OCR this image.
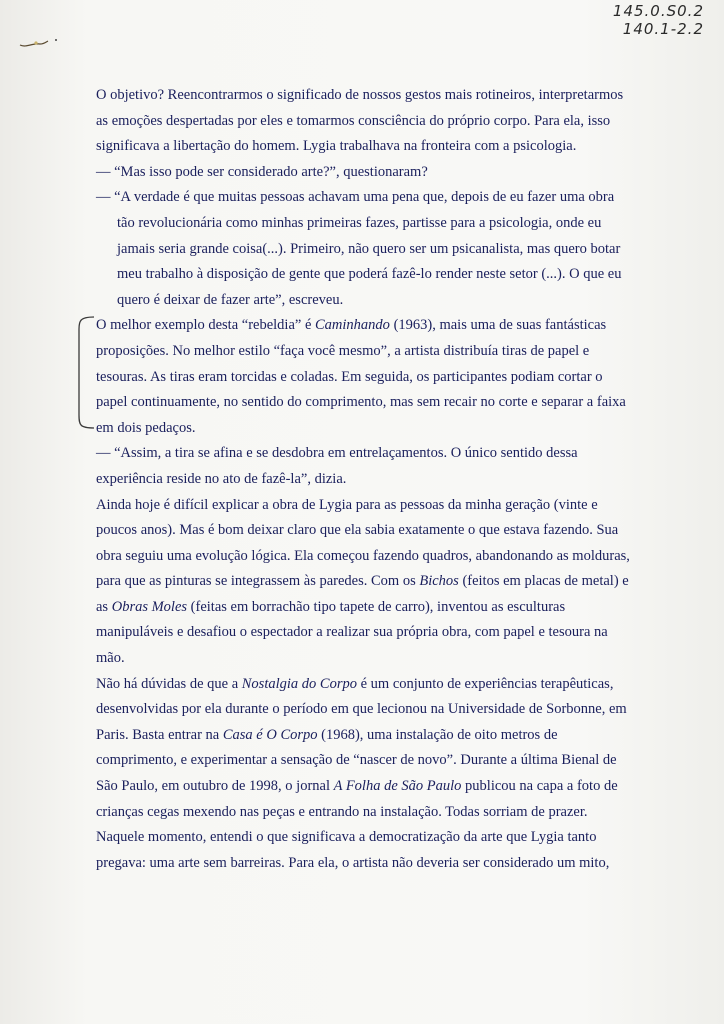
145.0.S0.2
140.1-2.2
O objetivo? Reencontrarmos o significado de nossos gestos mais rotineiros, interpretarmos
as emoções despertadas por eles e tomarmos consciência do próprio corpo. Para ela, isso
significava a libertação do homem. Lygia trabalhava na fronteira com a psicologia.
— “Mas isso pode ser considerado arte?”, questionaram?
— “A verdade é que muitas pessoas achavam uma pena que, depois de eu fazer uma obra
tão revolucionária como minhas primeiras fazes, partisse para a psicologia, onde eu
jamais seria grande coisa(...). Primeiro, não quero ser um psicanalista, mas quero botar
meu trabalho à disposição de gente que poderá fazê-lo render neste setor (...). O que eu
quero é deixar de fazer arte”, escreveu.
O melhor exemplo desta “rebeldia” é Caminhando (1963), mais uma de suas fantásticas
proposições. No melhor estilo “faça você mesmo”, a artista distribuía tiras de papel e
tesouras. As tiras eram torcidas e coladas. Em seguida, os participantes podiam cortar o
papel continuamente, no sentido do comprimento, mas sem recair no corte e separar a faixa
em dois pedaços.
— “Assim, a tira se afina e se desdobra em entrelaçamentos. O único sentido dessa
experiência reside no ato de fazê-la”, dizia.
Ainda hoje é difícil explicar a obra de Lygia para as pessoas da minha geração (vinte e
poucos anos). Mas é bom deixar claro que ela sabia exatamente o que estava fazendo. Sua
obra seguiu uma evolução lógica. Ela começou fazendo quadros, abandonando as molduras,
para que as pinturas se integrassem às paredes. Com os Bichos (feitos em placas de metal) e
as Obras Moles (feitas em borrachão tipo tapete de carro), inventou as esculturas
manipuláveis e desafiou o espectador a realizar sua própria obra, com papel e tesoura na
mão.
Não há dúvidas de que a Nostalgia do Corpo é um conjunto de experiências terapêuticas,
desenvolvidas por ela durante o período em que lecionou na Universidade de Sorbonne, em
Paris. Basta entrar na Casa é O Corpo (1968), uma instalação de oito metros de
comprimento, e experimentar a sensação de “nascer de novo”. Durante a última Bienal de
São Paulo, em outubro de 1998, o jornal A Folha de São Paulo publicou na capa a foto de
crianças cegas mexendo nas peças e entrando na instalação. Todas sorriam de prazer.
Naquele momento, entendi o que significava a democratização da arte que Lygia tanto
pregava: uma arte sem barreiras. Para ela, o artista não deveria ser considerado um mito,
